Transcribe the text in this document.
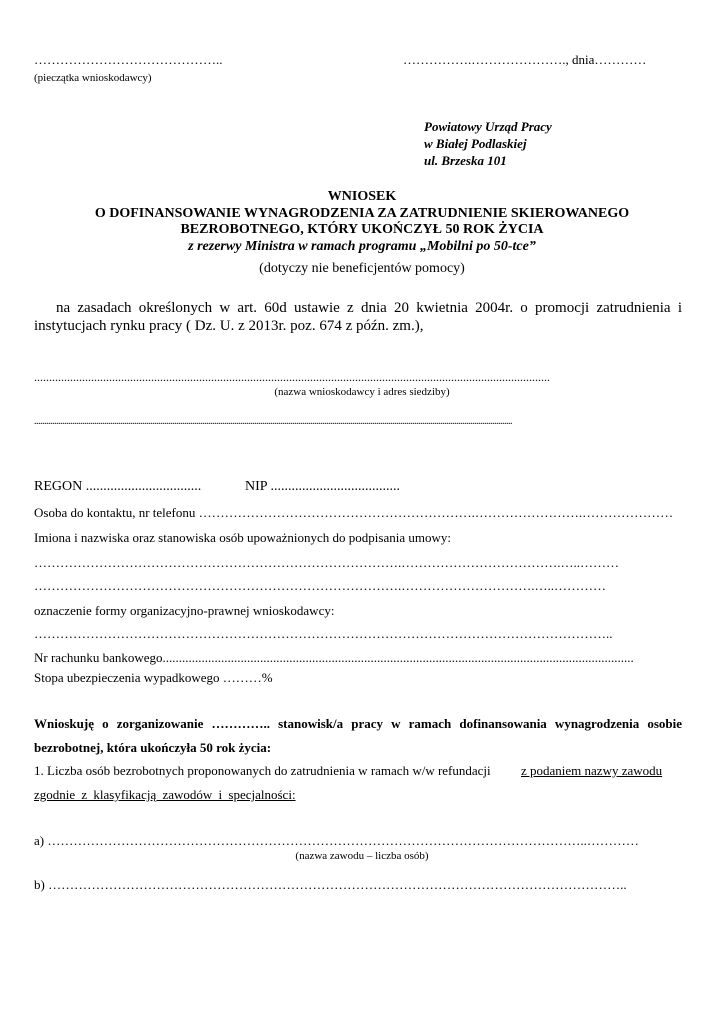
……………………………………..	…………….…………………., dnia…………
(pieczątka wnioskodawcy)
Powiatowy Urząd Pracy
w Białej Podlaskiej
ul. Brzeska 101
WNIOSEK
O DOFINANSOWANIE WYNAGRODZENIA ZA ZATRUDNIENIE SKIEROWANEGO
BEZROBOTNEGO, KTÓRY UKOŃCZYŁ 50 ROK ŻYCIA
z rezerwy Ministra w ramach programu „Mobilni po 50-tce”
(dotyczy nie beneficjentów pomocy)
na zasadach określonych w art. 60d ustawie z dnia 20 kwietnia 2004r. o promocji zatrudnienia i
instytucjach rynku pracy ( Dz. U. z 2013r. poz. 674 z późn. zm.),
............................................................................................................................................................................
(nazwa wnioskodawcy i adres siedziby)
...............................................................................................................................................................................................................................................
REGON .................................	NIP .....................................
Osoba do kontaktu, nr telefonu ……………………………………………………….…………………….…………………
Imiona i nazwiska oraz stanowiska osób upoważnionych do podpisania umowy:
………………………………………………………………………….……………………………….…..………
………………………………………………………………………….………………………….…..…………
oznaczenie formy organizacyjno-prawnej wnioskodawcy:
……………………………………………………………………………………………………………………..
Nr rachunku bankowego.................................................................................................................................................
Stopa ubezpieczenia wypadkowego ………%
Wnioskuję o zorganizowanie ………….. stanowisk/a pracy w ramach dofinansowania wynagrodzenia osobie
bezrobotnej, która ukończyła 50 rok życia:
1. Liczba osób bezrobotnych proponowanych do zatrudnienia w ramach w/w refundacji z podaniem nazwy zawodu
zgodnie z klasyfikacją zawodów i specjalności:
a) ……………………………………………………………………………………………………………..…………
(nazwa zawodu – liczba osób)
b) ……………………………………………………………………………………………………………………..
